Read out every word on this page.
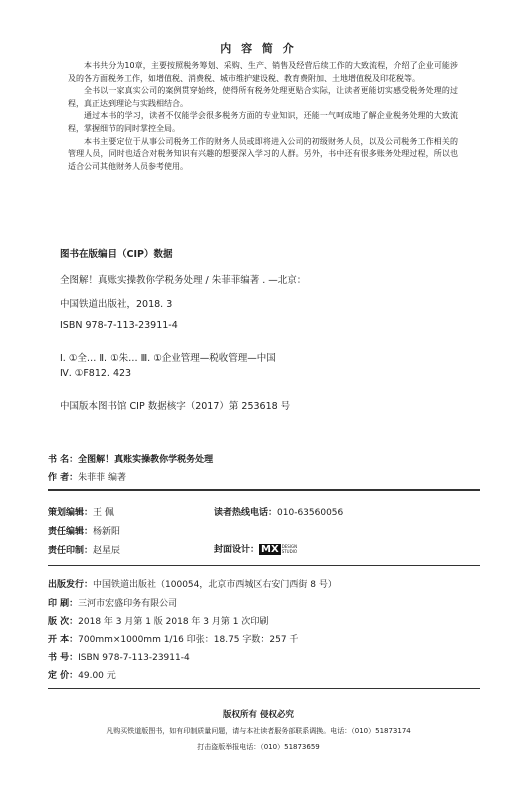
内 容 简 介

本书共分为10章，主要按照税务筹划、采购、生产、销售及经营后续工作的大致流程，介绍了企业可能涉及的各方面税务工作，如增值税、消费税、城市维护建设税、教育费附加、土地增值税及印花税等。

全书以一家真实公司的案例贯穿始终，使得所有税务处理更贴合实际，让读者更能切实感受税务处理的过程，真正达到理论与实践相结合。

通过本书的学习，读者不仅能学会很多税务方面的专业知识，还能一气呵成地了解企业税务处理的大致流程，掌握细节的同时掌控全局。

本书主要定位于从事公司税务工作的财务人员或即将进入公司的初级财务人员，以及公司税务工作相关的管理人员，同时也适合对税务知识有兴趣的想要深入学习的人群。另外，书中还有很多账务处理过程，所以也适合公司其他财务人员参考使用。

图书在版编目（CIP）数据
全图解！真账实操教你学税务处理 / 朱菲菲编著 . —北京：
中国铁道出版社，2018. 3
ISBN 978-7-113-23911-4
Ⅰ. ①全… Ⅱ. ①朱… Ⅲ. ①企业管理—税收管理—中国
Ⅳ. ①F812. 423
中国版本图书馆 CIP 数据核字（2017）第 253618 号
书 名：全图解！真账实操教你学税务处理
作 者：朱菲菲 编著
策划编辑：王 佩	读者热线电话：010-63560056
责任编辑：杨新阳
责任印制：赵星辰	封面设计： MX DESIGN
STUDIO
出版发行：中国铁道出版社（100054，北京市西城区右安门西街 8 号）
印 刷：三河市宏盛印务有限公司
版 次：2018 年 3 月第 1 版 2018 年 3 月第 1 次印刷
开 本：700mm×1000mm 1/16 印张：18.75 字数：257 千
书 号：ISBN 978-7-113-23911-4
定 价：49.00 元
版权所有 侵权必究
凡购买铁道版图书，如有印制质量问题，请与本社读者服务部联系调换。电话：（010）51873174
打击盗版举报电话：（010）51873659
